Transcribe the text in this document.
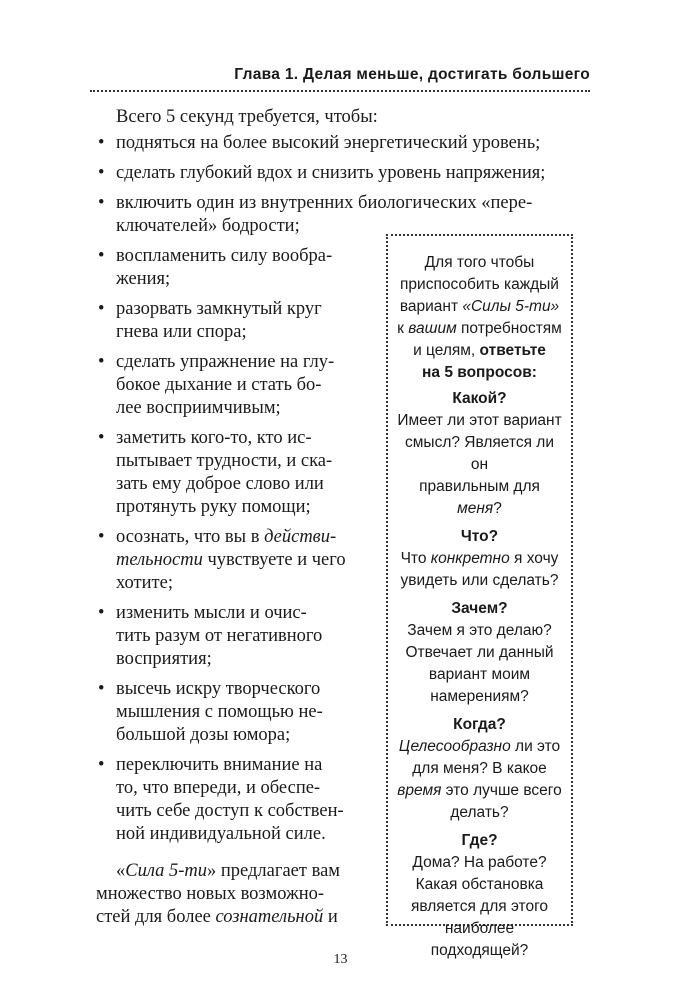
Глава 1. Делая меньше, достигать большего

Всего 5 секунд требуется, чтобы:

• подняться на более высокий энергетический уровень;
• сделать глубокий вдох и снизить уровень напряжения;
• включить один из внутренних биологических «пере-
ключателей» бодрости;
• воспламенить силу вообра-
жения;
• разорвать замкнутый круг
гнева или спора;
• сделать упражнение на глу-
бокое дыхание и стать бо-
лее восприимчивым;
• заметить кого-то, кто ис-
пытывает трудности, и ска-
зать ему доброе слово или
протянуть руку помощи;
• осознать, что вы в действи-
тельности чувствуете и чего
хотите;
• изменить мысли и очис-
тить разум от негативного
восприятия;
• высечь искру творческого
мышления с помощью не-
большой дозы юмора;
• переключить внимание на
то, что впереди, и обеспе-
чить себе доступ к собствен-
ной индивидуальной силе.
«Сила 5-ти» предлагает вам
множество новых возможно-
стей для более сознательной и
Для того чтобы
приспособить каждый
вариант «Силы 5-ти»
к вашим потребностям
и целям, ответьте
на 5 вопросов:
Какой?
Имеет ли этот вариант
смысл? Является ли он
правильным для меня?
Что?
Что конкретно я хочу
увидеть или сделать?
Зачем?
Зачем я это делаю?
Отвечает ли данный
вариант моим
намерениям?
Когда?
Целесообразно ли это
для меня? В какое
время это лучше всего
делать?
Где?
Дома? На работе?
Какая обстановка
является для этого
наиболее подходящей?
13
